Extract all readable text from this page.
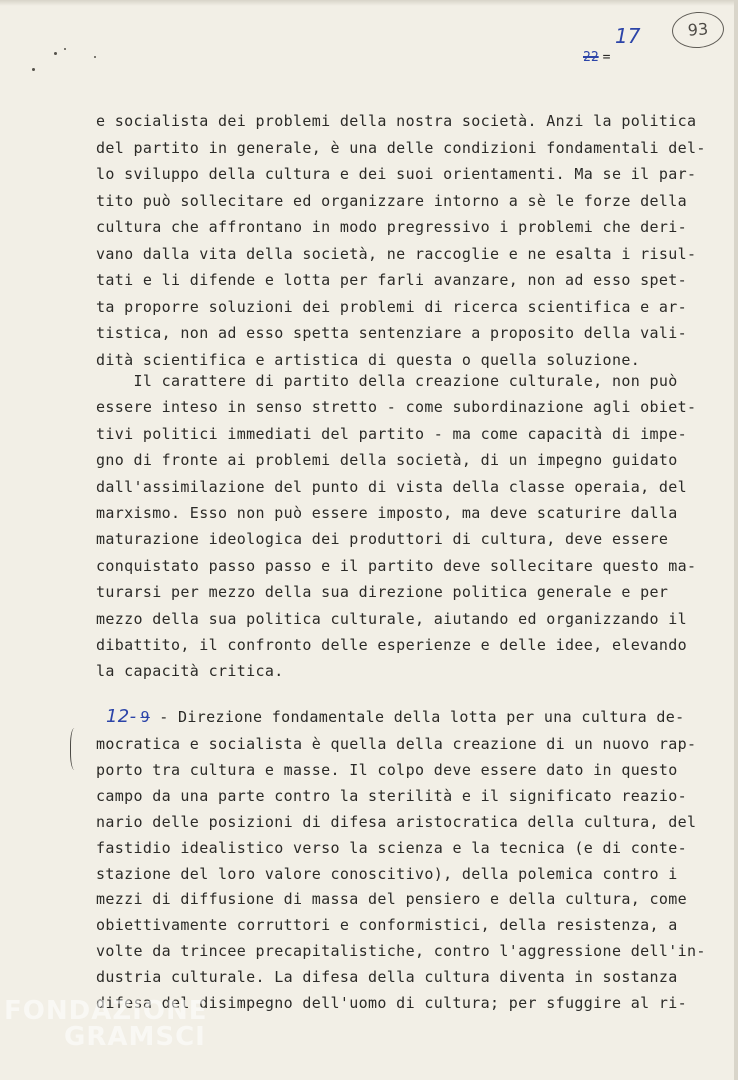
93
17
22 =
e socialista dei problemi della nostra società. Anzi la politica
del partito in generale, è una delle condizioni fondamentali del-
lo sviluppo della cultura e dei suoi orientamenti. Ma se il par-
tito può sollecitare ed organizzare intorno a sè le forze della
cultura che affrontano in modo pregressivo i problemi che deri-
vano dalla vita della società, ne raccoglie e ne esalta i risul-
tati e li difende e lotta per farli avanzare, non ad esso spet-
ta proporre soluzioni dei problemi di ricerca scientifica e ar-
tistica, non ad esso spetta sentenziare a proposito della vali-
dità scientifica e artistica di questa o quella soluzione.
Il carattere di partito della creazione culturale, non può
essere inteso in senso stretto - come subordinazione agli obiet-
tivi politici immediati del partito - ma come capacità di impe-
gno di fronte ai problemi della società, di un impegno guidato
dall'assimilazione del punto di vista della classe operaia, del
marxismo. Esso non può essere imposto, ma deve scaturire dalla
maturazione ideologica dei produttori di cultura, deve essere
conquistato passo passo e il partito deve sollecitare questo ma-
turarsi per mezzo della sua direzione politica generale e per
mezzo della sua politica culturale, aiutando ed organizzando il
dibattito, il confronto delle esperienze e delle idee, elevando
la capacità critica.
12- 9 - Direzione fondamentale della lotta per una cultura de-
mocratica e socialista è quella della creazione di un nuovo rap-
porto tra cultura e masse. Il colpo deve essere dato in questo
campo da una parte contro la sterilità e il significato reazio-
nario delle posizioni di difesa aristocratica della cultura, del
fastidio idealistico verso la scienza e la tecnica (e di conte-
stazione del loro valore conoscitivo), della polemica contro i
mezzi di diffusione di massa del pensiero e della cultura, come
obiettivamente corruttori e conformistici, della resistenza, a
volte da trincee precapitalistiche, contro l'aggressione dell'in-
dustria culturale. La difesa della cultura diventa in sostanza
difesa del disimpegno dell'uomo di cultura; per sfuggire al ri-
FONDAZIONE
GRAMSCI
